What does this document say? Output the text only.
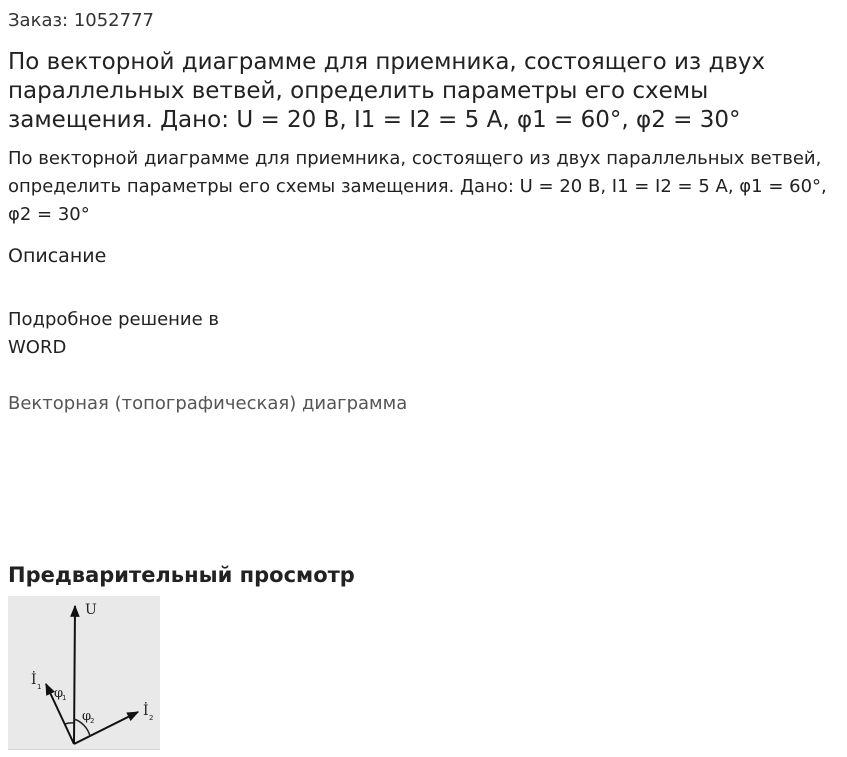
Заказ: 1052777
По векторной диаграмме для приемника, состоящего из двух параллельных ветвей, определить параметры его схемы замещения. Дано: U = 20 В, I1 = I2 = 5 А, φ1 = 60°, φ2 = 30°

По векторной диаграмме для приемника, состоящего из двух параллельных ветвей, определить параметры его схемы замещения. Дано: U = 20 В, I1 = I2 = 5 А, φ1 = 60°, φ2 = 30°

Описание
Подробное решение в WORD
Векторная (топографическая) диаграмма
Предварительный просмотр
U
İ 1
İ 2
φ
1
φ
2
